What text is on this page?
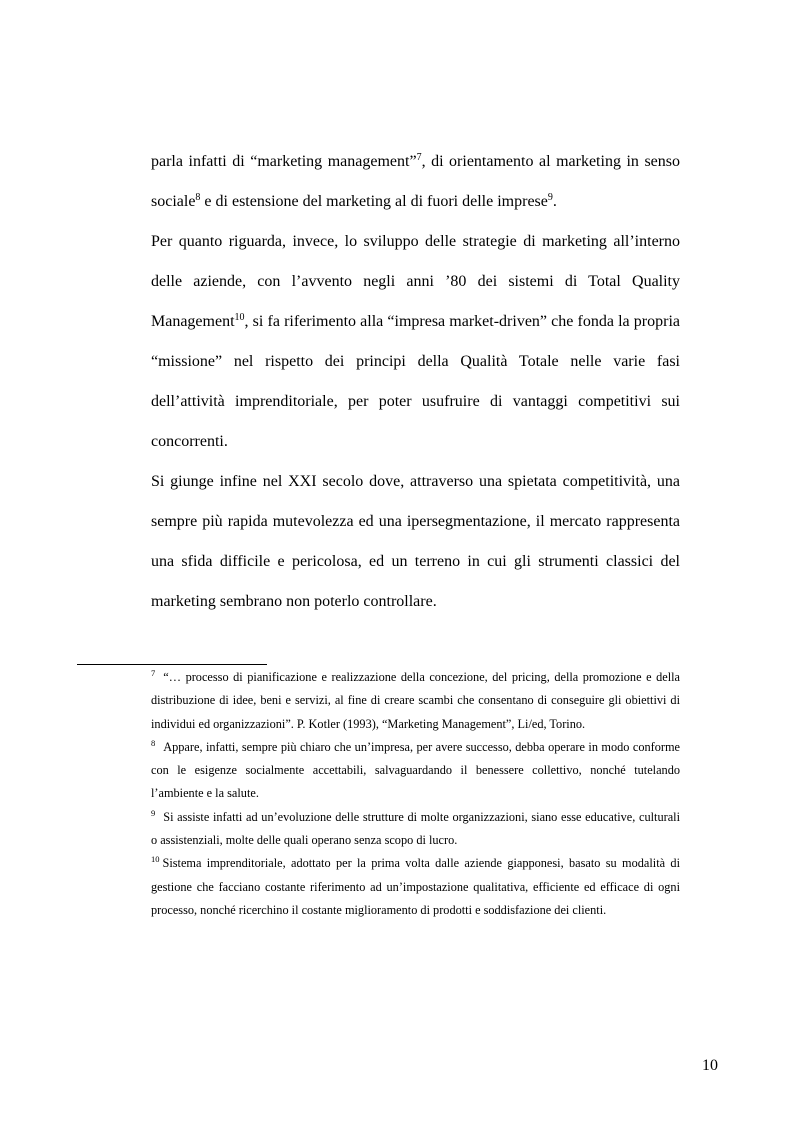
parla infatti di “marketing management”$^7$, di orientamento al marketing in senso sociale$^8$ e di estensione del marketing al di fuori delle imprese$^9$.

Per quanto riguarda, invece, lo sviluppo delle strategie di marketing all’interno delle aziende, con l’avvento negli anni ’80 dei sistemi di Total Quality Management$^{10}$, si fa riferimento alla “impresa market-driven” che fonda la propria “missione” nel rispetto dei principi della Qualità Totale nelle varie fasi dell’attività imprenditoriale, per poter usufruire di vantaggi competitivi sui concorrenti.

Si giunge infine nel XXI secolo dove, attraverso una spietata competitività, una sempre più rapida mutevolezza ed una ipersegmentazione, il mercato rappresenta una sfida difficile e pericolosa, ed un terreno in cui gli strumenti classici del marketing sembrano non poterlo controllare.

$^7$ “… processo di pianificazione e realizzazione della concezione, del pricing, della promozione e della distribuzione di idee, beni e servizi, al fine di creare scambi che consentano di conseguire gli obiettivi di individui ed organizzazioni”. P. Kotler (1993), “Marketing Management”, Li/ed, Torino.

$^8$ Appare, infatti, sempre più chiaro che un’impresa, per avere successo, debba operare in modo conforme con le esigenze socialmente accettabili, salvaguardando il benessere collettivo, nonché tutelando l’ambiente e la salute.

$^9$ Si assiste infatti ad un’evoluzione delle strutture di molte organizzazioni, siano esse educative, culturali o assistenziali, molte delle quali operano senza scopo di lucro.

$^{10}$ Sistema imprenditoriale, adottato per la prima volta dalle aziende giapponesi, basato su modalità di gestione che facciano costante riferimento ad un’impostazione qualitativa, efficiente ed efficace di ogni processo, nonché ricerchino il costante miglioramento di prodotti e soddisfazione dei clienti.

10
